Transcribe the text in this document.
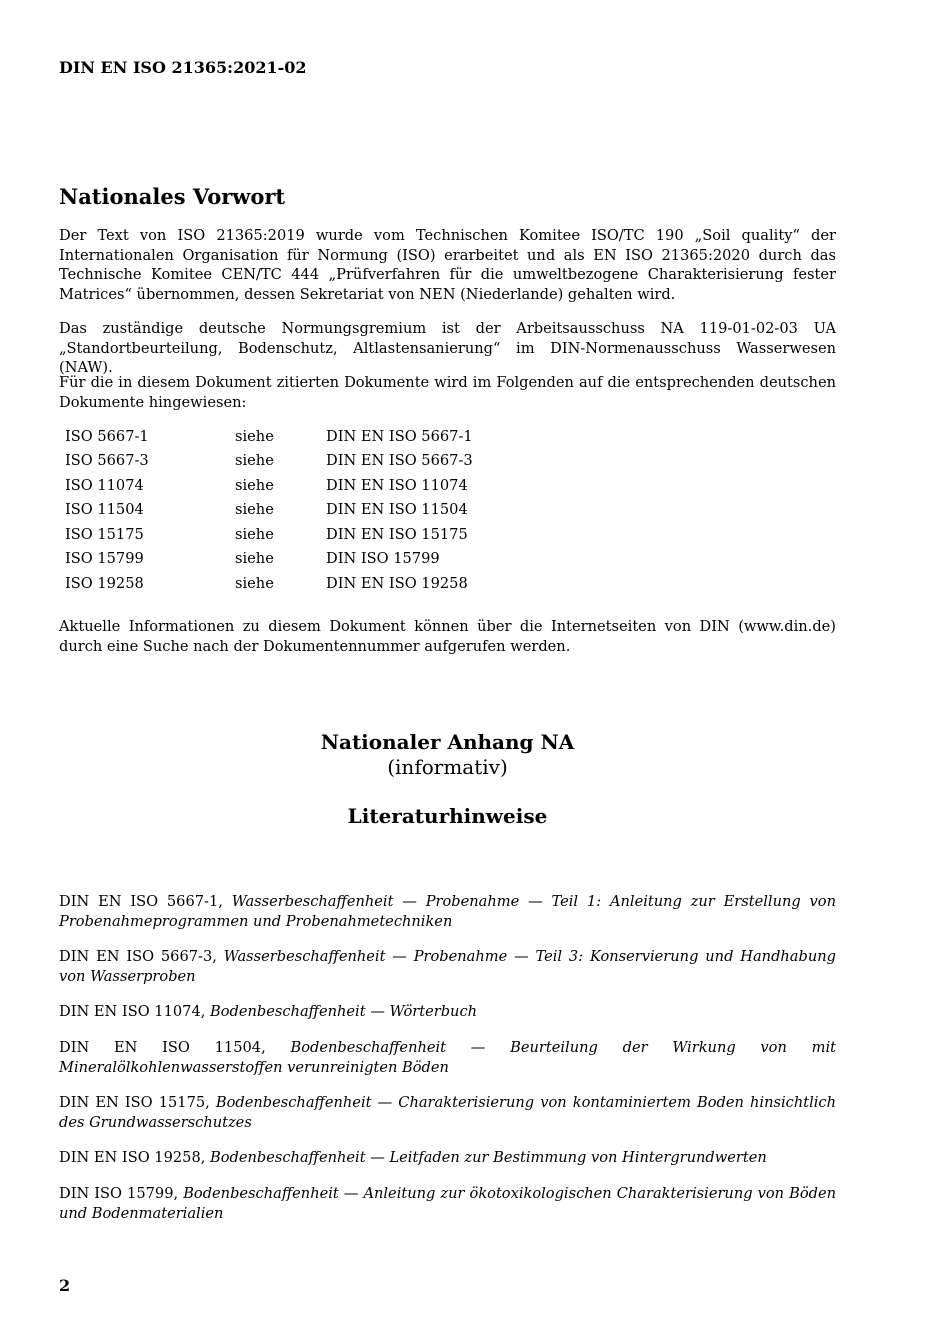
DIN EN ISO 21365:2021-02
Nationales Vorwort

Der Text von ISO 21365:2019 wurde vom Technischen Komitee ISO/TC 190 „Soil quality“ der Internationalen Organisation für Normung (ISO) erarbeitet und als EN ISO 21365:2020 durch das Technische Komitee CEN/TC 444 „Prüfverfahren für die umweltbezogene Charakterisierung fester Matrices“ übernommen, dessen Sekretariat von NEN (Niederlande) gehalten wird.

Das zuständige deutsche Normungsgremium ist der Arbeitsausschuss NA 119-01-02-03 UA „Standortbeurteilung, Bodenschutz, Altlastensanierung“ im DIN-Normenausschuss Wasserwesen (NAW).

Für die in diesem Dokument zitierten Dokumente wird im Folgenden auf die entsprechenden deutschen Dokumente hingewiesen:

ISO 5667-1	siehe	DIN EN ISO 5667-1
ISO 5667-3	siehe	DIN EN ISO 5667-3
ISO 11074	siehe	DIN EN ISO 11074
ISO 11504	siehe	DIN EN ISO 11504
ISO 15175	siehe	DIN EN ISO 15175
ISO 15799	siehe	DIN ISO 15799
ISO 19258	siehe	DIN EN ISO 19258

Aktuelle Informationen zu diesem Dokument können über die Internetseiten von DIN (www.din.de) durch eine Suche nach der Dokumentennummer aufgerufen werden.

Nationaler Anhang NA
(informativ)
Literaturhinweise

DIN EN ISO 5667-1, Wasserbeschaffenheit — Probenahme — Teil 1: Anleitung zur Erstellung von Probenahmeprogrammen und Probenahmetechniken

DIN EN ISO 5667-3, Wasserbeschaffenheit — Probenahme — Teil 3: Konservierung und Handhabung von Wasserproben

DIN EN ISO 11074, Bodenbeschaffenheit — Wörterbuch

DIN EN ISO 11504, Bodenbeschaffenheit — Beurteilung der Wirkung von mit Mineralölkohlenwasserstoffen verunreinigten Böden

DIN EN ISO 15175, Bodenbeschaffenheit — Charakterisierung von kontaminiertem Boden hinsichtlich des Grundwasserschutzes

DIN EN ISO 19258, Bodenbeschaffenheit — Leitfaden zur Bestimmung von Hintergrundwerten

DIN ISO 15799, Bodenbeschaffenheit — Anleitung zur ökotoxikologischen Charakterisierung von Böden und Bodenmaterialien

2
